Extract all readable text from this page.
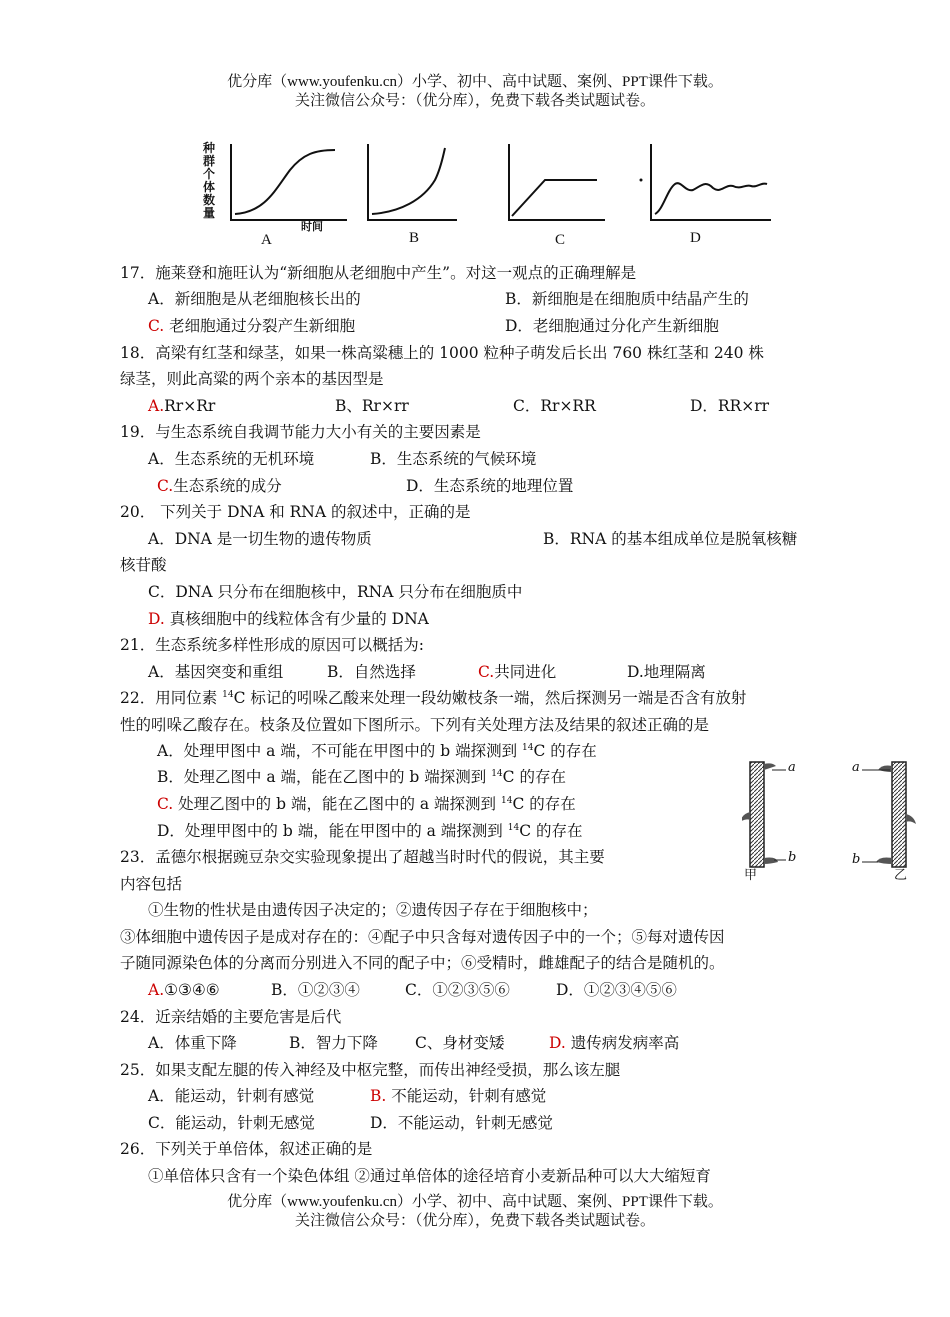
优分库（www.youfenku.cn）小学、初中、高中试题、案例、PPT课件下载。
关注微信公众号：（优分库），免费下载各类试题试卷。
种群个体数量
时间
A	B	C	D
17．施莱登和施旺认为“新细胞从老细胞中产生”。对这一观点的正确理解是
A．新细胞是从老细胞核长出的	B．新细胞是在细胞质中结晶产生的
C. 老细胞通过分裂产生新细胞	D．老细胞通过分化产生新细胞
18．高梁有红茎和绿茎，如果一株高粱穗上的 1000 粒种子萌发后长出 760 株红茎和 240 株
绿茎，则此高粱的两个亲本的基因型是
A.Rr×Rr	B、Rr×rr	C．Rr×RR	D．RR×rr
19．与生态系统自我调节能力大小有关的主要因素是
A．生态系统的无机环境	B．生态系统的气候环境
C.生态系统的成分	D．生态系统的地理位置
20． 下列关于 DNA 和 RNA 的叙述中，正确的是
A．DNA 是一切生物的遗传物质	B．RNA 的基本组成单位是脱氧核糖
核苷酸
C．DNA 只分布在细胞核中，RNA 只分布在细胞质中
D. 真核细胞中的线粒体含有少量的 DNA
21．生态系统多样性形成的原因可以概括为:
A．基因突变和重组	B．自然选择	C.共同进化	D.地理隔离
22．用同位素 $^{14}$C 标记的吲哚乙酸来处理一段幼嫩枝条一端，然后探测另一端是否含有放射
性的吲哚乙酸存在。枝条及位置如下图所示。下列有关处理方法及结果的叙述正确的是
A．处理甲图中 a 端，不可能在甲图中的 b 端探测到 $^{14}$C 的存在
B．处理乙图中 a 端，能在乙图中的 b 端探测到 $^{14}$C 的存在
C. 处理乙图中的 b 端，能在乙图中的 a 端探测到 $^{14}$C 的存在
D．处理甲图中的 b 端，能在甲图中的 a 端探测到 $^{14}$C 的存在
a
b
a
b
甲	乙
23．孟德尔根据豌豆杂交实验现象提出了超越当时时代的假说，其主要
内容包括
①生物的性状是由遗传因子决定的；②遗传因子存在于细胞核中；
③体细胞中遗传因子是成对存在的：④配子中只含每对遗传因子中的一个；⑤每对遗传因
子随同源染色体的分离而分别进入不同的配子中；⑥受精时，雌雄配子的结合是随机的。
A.①③④⑥	B．①②③④	C．①②③⑤⑥	D．①②③④⑤⑥
24．近亲结婚的主要危害是后代
A．体重下降	B．智力下降 C、身材变矮	D. 遗传病发病率高
25．如果支配左腿的传入神经及中枢完整，而传出神经受损，那么该左腿
A．能运动，针刺有感觉	B. 不能运动，针刺有感觉
C．能运动，针刺无感觉	D．不能运动，针刺无感觉
26．下列关于单倍体，叙述正确的是
①单倍体只含有一个染色体组 ②通过单倍体的途径培育小麦新品种可以大大缩短育
优分库（www.youfenku.cn）小学、初中、高中试题、案例、PPT课件下载。
关注微信公众号：（优分库），免费下载各类试题试卷。
